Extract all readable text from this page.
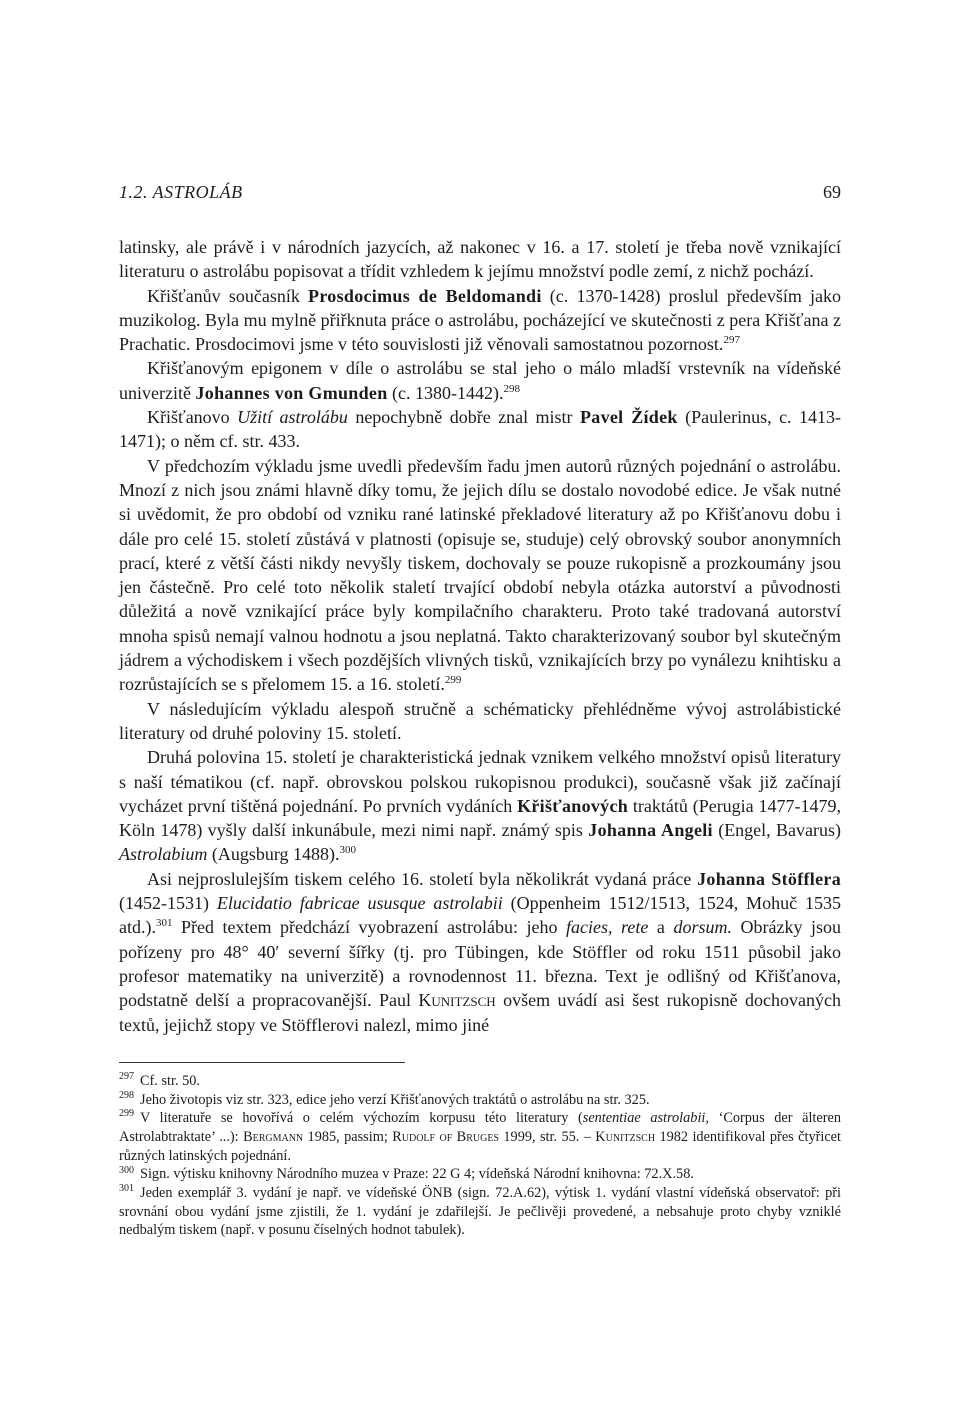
1.2. ASTROLÁB	69

latinsky, ale právě i v národních jazycích, až nakonec v 16. a 17. století je třeba nově vznikající literaturu o astrolábu popisovat a třídit vzhledem k jejímu množství podle zemí, z nichž pochází.

Křišťanův současník Prosdocimus de Beldomandi (c. 1370-1428) proslul především jako muzikolog. Byla mu mylně přiřknuta práce o astrolábu, pocházející ve skutečnosti z pera Křišťana z Prachatic. Prosdocimovi jsme v této souvislosti již věnovali samostatnou pozornost.$^{297}$

Křišťanovým epigonem v díle o astrolábu se stal jeho o málo mladší vrstevník na vídeňské univerzitě Johannes von Gmunden (c. 1380-1442).$^{298}$

Křišťanovo Užití astrolábu nepochybně dobře znal mistr Pavel Žídek (Paulerinus, c. 1413-1471); o něm cf. str. 433.

V předchozím výkladu jsme uvedli především řadu jmen autorů různých pojednání o astrolábu. Mnozí z nich jsou známi hlavně díky tomu, že jejich dílu se dostalo novodobé edice. Je však nutné si uvědomit, že pro období od vzniku rané latinské překladové literatury až po Křišťanovu dobu i dále pro celé 15. století zůstává v platnosti (opisuje se, studuje) celý obrovský soubor anonymních prací, které z větší části nikdy nevyšly tiskem, dochovaly se pouze rukopisně a prozkoumány jsou jen částečně. Pro celé toto několik staletí trvající období nebyla otázka autorství a původnosti důležitá a nově vznikající práce byly kompilačního charakteru. Proto také tradovaná autorství mnoha spisů nemají valnou hodnotu a jsou neplatná. Takto charakterizovaný soubor byl skutečným jádrem a východiskem i všech pozdějších vlivných tisků, vznikajících brzy po vynálezu knihtisku a rozrůstajících se s přelomem 15. a 16. století.$^{299}$

V následujícím výkladu alespoň stručně a schématicky přehlédněme vývoj astrolábistické literatury od druhé poloviny 15. století.

Druhá polovina 15. století je charakteristická jednak vznikem velkého množství opisů literatury s naší tématikou (cf. např. obrovskou polskou rukopisnou produkci), současně však již začínají vycházet první tištěná pojednání. Po prvních vydáních Křišťanových traktátů (Perugia 1477-1479, Köln 1478) vyšly další inkunábule, mezi nimi např. známý spis Johanna Angeli (Engel, Bavarus) Astrolabium (Augsburg 1488).$^{300}$

Asi nejproslulejším tiskem celého 16. století byla několikrát vydaná práce Johanna Stöfflera (1452-1531) Elucidatio fabricae ususque astrolabii (Oppenheim 1512/1513, 1524, Mohuč 1535 atd.).$^{301}$ Před textem předchází vyobrazení astrolábu: jeho facies, rete a dorsum. Obrázky jsou pořízeny pro 48° 40′ severní šířky (tj. pro Tübingen, kde Stöffler od roku 1511 působil jako profesor matematiky na univerzitě) a rovnodennost 11. března. Text je odlišný od Křišťanova, podstatně delší a propracovanější. Paul Kunitzsch ovšem uvádí asi šest rukopisně dochovaných textů, jejichž stopy ve Stöfflerovi nalezl, mimo jiné

$^{297}$ Cf. str. 50.

$^{298}$ Jeho životopis viz str. 323, edice jeho verzí Křišťanových traktátů o astrolábu na str. 325.

$^{299}$ V literatuře se hovořívá o celém výchozím korpusu této literatury (sententiae astrolabii, ‘Corpus der älteren Astrolabtraktate’ ...): Bergmann 1985, passim; Rudolf of Bruges 1999, str. 55. – Kunitzsch 1982 identifikoval přes čtyřicet různých latinských pojednání.

$^{300}$ Sign. výtisku knihovny Národního muzea v Praze: 22 G 4; vídeňská Národní knihovna: 72.X.58.

$^{301}$ Jeden exemplář 3. vydání je např. ve vídeňské ÖNB (sign. 72.A.62), výtisk 1. vydání vlastní vídeňská observatoř: při srovnání obou vydání jsme zjistili, že 1. vydání je zdařilejší. Je pečlivěji provedené, a nebsahuje proto chyby vzniklé nedbalým tiskem (např. v posunu číselných hodnot tabulek).
